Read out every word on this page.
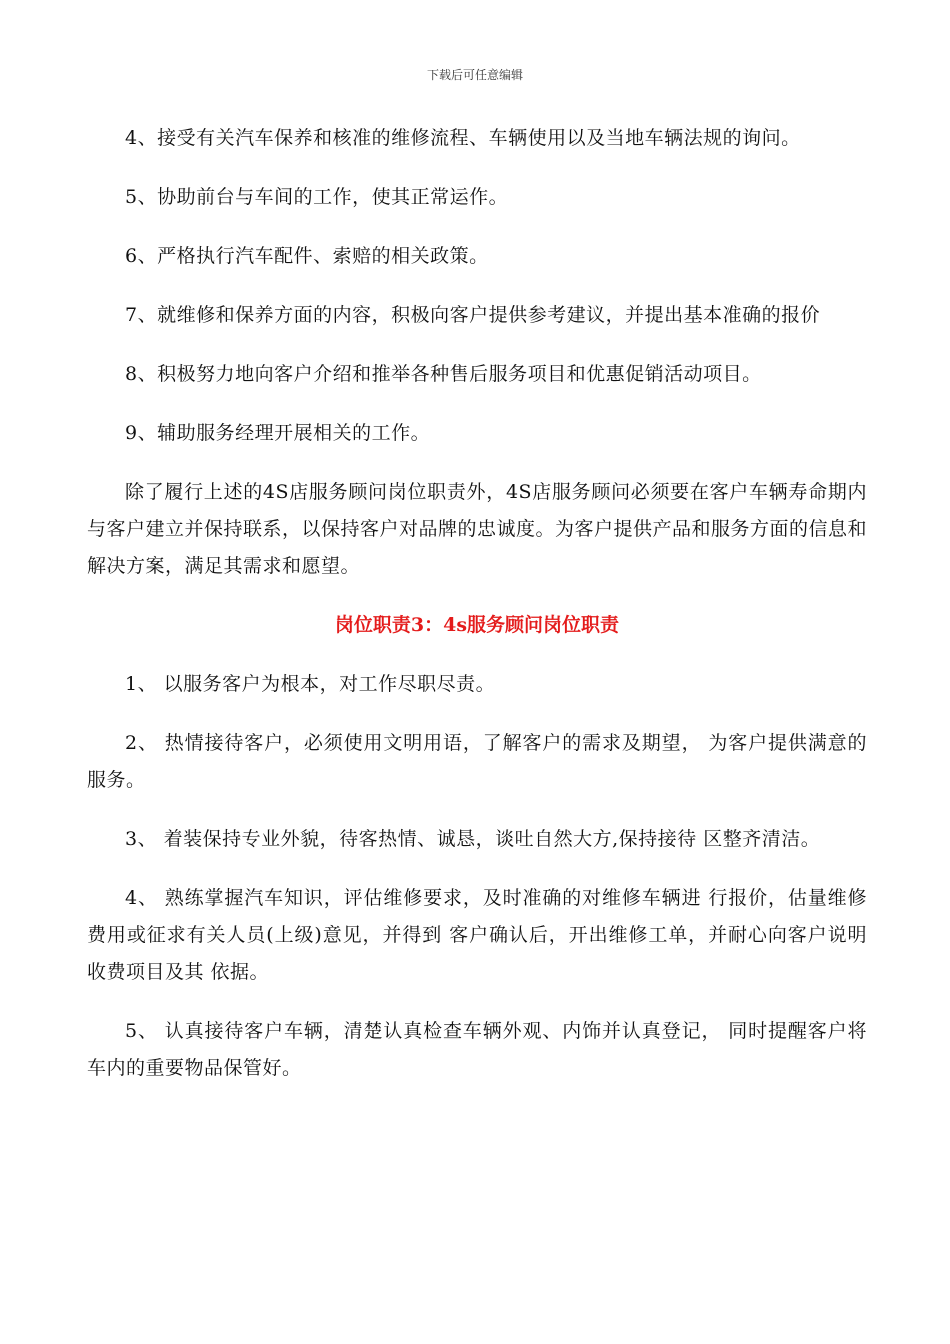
下载后可任意编辑

4、接受有关汽车保养和核准的维修流程、车辆使用以及当地车辆法规的询问。

5、协助前台与车间的工作，使其正常运作。

6、严格执行汽车配件、索赔的相关政策。

7、就维修和保养方面的内容，积极向客户提供参考建议，并提出基本准确的报价

8、积极努力地向客户介绍和推举各种售后服务项目和优惠促销活动项目。

9、辅助服务经理开展相关的工作。

除了履行上述的4S店服务顾问岗位职责外，4S店服务顾问必须要在客户车辆寿命期内与客户建立并保持联系，以保持客户对品牌的忠诚度。为客户提供产品和服务方面的信息和解决方案，满足其需求和愿望。

岗位职责3：4s服务顾问岗位职责

1、 以服务客户为根本，对工作尽职尽责。

2、 热情接待客户，必须使用文明用语，了解客户的需求及期望， 为客户提供满意的服务。

3、 着装保持专业外貌，待客热情、诚恳，谈吐自然大方,保持接待 区整齐清洁。

4、 熟练掌握汽车知识，评估维修要求，及时准确的对维修车辆进 行报价，估量维修费用或征求有关人员(上级)意见，并得到 客户确认后，开出维修工单，并耐心向客户说明收费项目及其 依据。

5、 认真接待客户车辆，清楚认真检查车辆外观、内饰并认真登记， 同时提醒客户将车内的重要物品保管好。
